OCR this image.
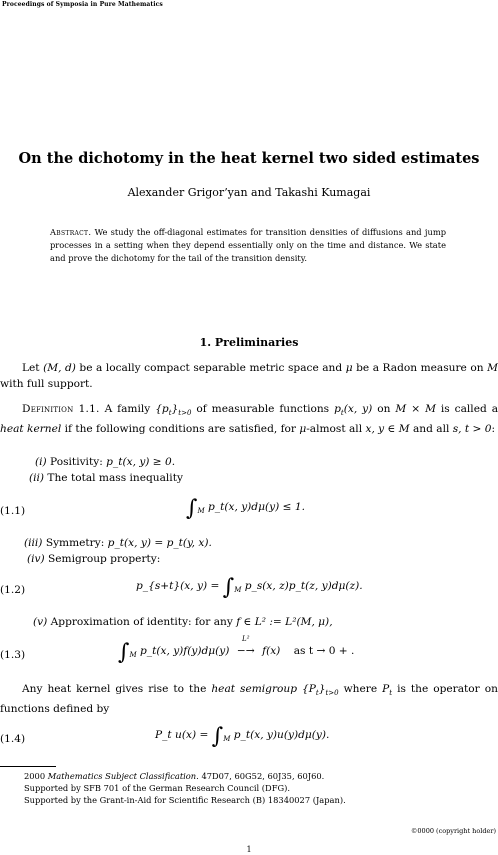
Proceedings of Symposia in Pure Mathematics
On the dichotomy in the heat kernel two sided estimates
Alexander Grigor’yan and Takashi Kumagai
Abstract. We study the off-diagonal estimates for transition densities of diffusions and jump processes in a setting when they depend essentially only on the time and distance. We state and prove the dichotomy for the tail of the transition density.
1. Preliminaries
Let (M, d) be a locally compact separable metric space and μ be a Radon measure on M with full support.
Definition 1.1. A family $\{p_t\}_{t>0}$ of measurable functions $p_t(x$, y) on M × M is called a heat kernel if the following conditions are satisfied, for μ-almost all x, y ∈ M and all s, t > 0:
(i) Positivity: p_t(x, y) ≥ 0.
(ii) The total mass inequality
(1.1)	$\int_M$ p_t(x, y)dμ(y) ≤ 1.
(iii) Symmetry: p_t(x, y) = p_t(y, x).
(iv) Semigroup property:
(1.2)	p_{s+t}(x, $y) = \int_M$ p_s(x, z)p_t(z, y)dμ(z).
(v) Approximation of identity: for any f ∈ L² := L²(M, μ),
(1.3)	$\int_M$ p_t(x, y)f(y)dμ(y)
L²
−→ f(x) as t → 0 + .
Any heat kernel gives rise to the heat semigroup $\{P_t\}_{t>0}$ where $P_t$ is the operator on functions defined by
(1.4)	P_t $u(x) = \int_M$ p_t(x, y)u(y)dμ(y).
2000 Mathematics Subject Classification. 47D07, 60G52, 60J35, 60J60.
Supported by SFB 701 of the German Research Council (DFG).
Supported by the Grant-in-Aid for Scientific Research (B) 18340027 (Japan).
©0000 (copyright holder)
1
